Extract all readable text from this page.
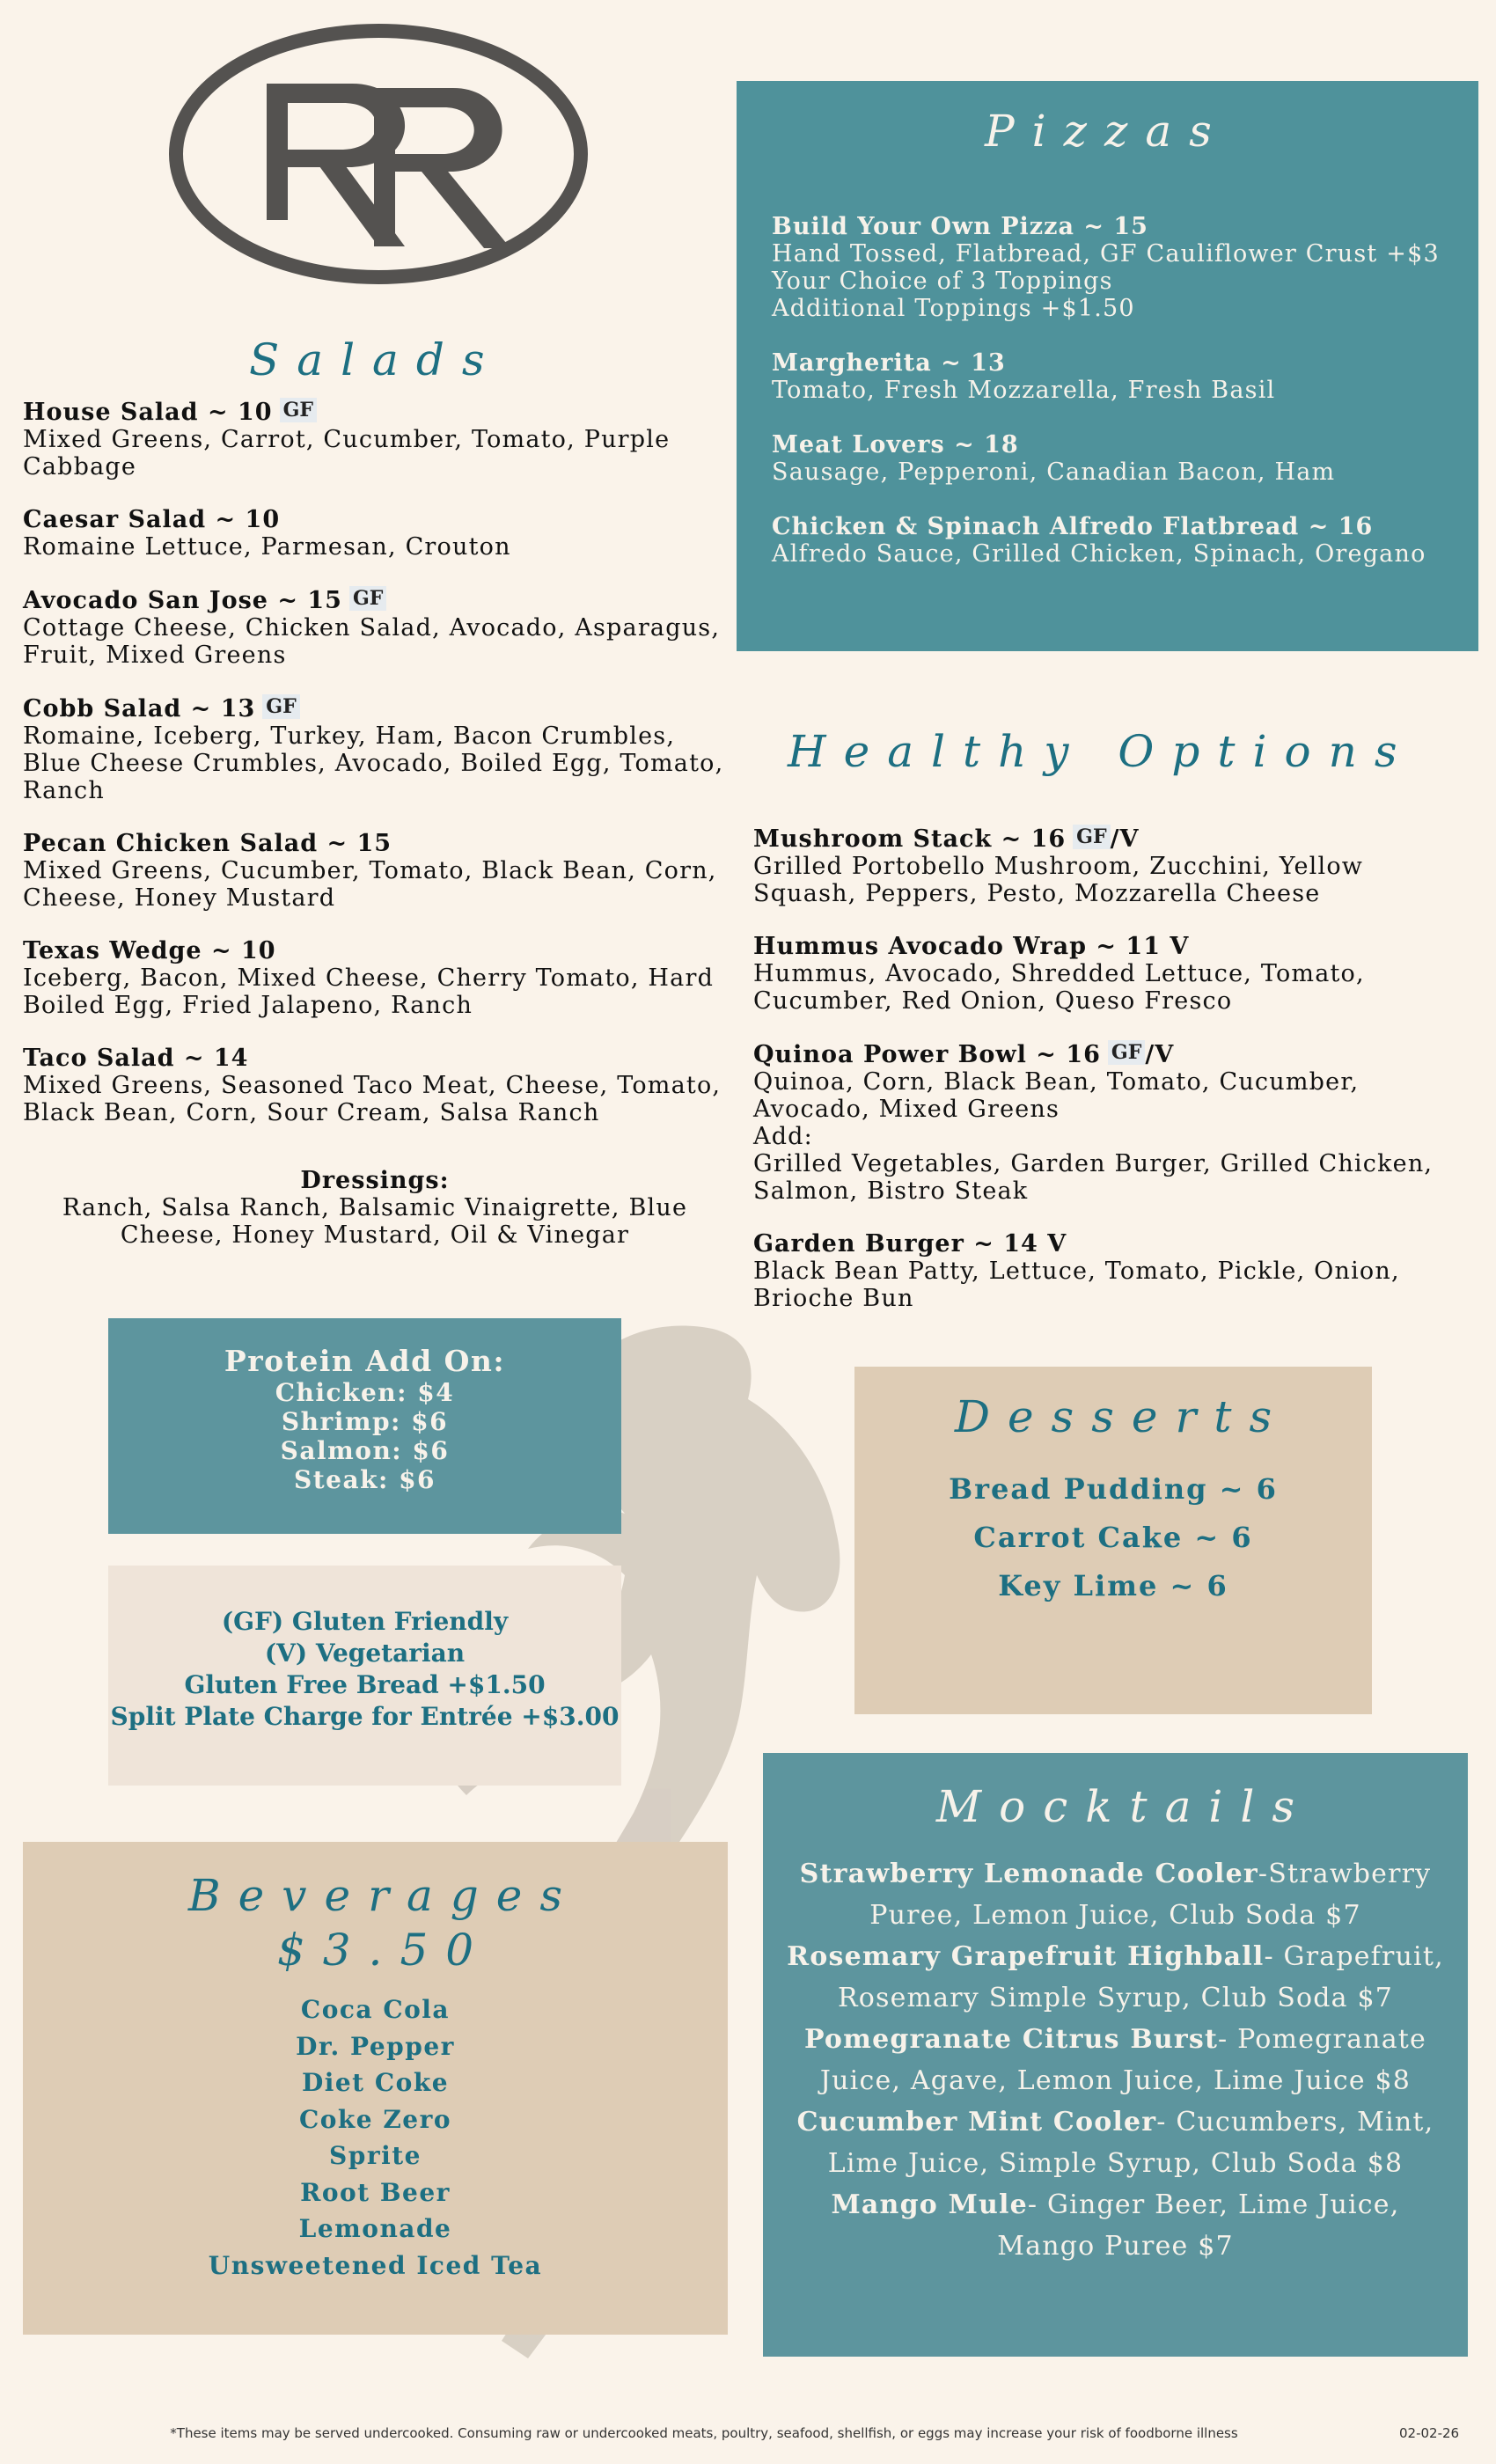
Salads
House Salad ~ 10 GF
Mixed Greens, Carrot, Cucumber, Tomato, Purple
Cabbage
Caesar Salad ~ 10
Romaine Lettuce, Parmesan, Crouton
Avocado San Jose ~ 15 GF
Cottage Cheese, Chicken Salad, Avocado, Asparagus,
Fruit, Mixed Greens
Cobb Salad ~ 13 GF
Romaine, Iceberg, Turkey, Ham, Bacon Crumbles,
Blue Cheese Crumbles, Avocado, Boiled Egg, Tomato,
Ranch
Pecan Chicken Salad ~ 15
Mixed Greens, Cucumber, Tomato, Black Bean, Corn,
Cheese, Honey Mustard
Texas Wedge ~ 10
Iceberg, Bacon, Mixed Cheese, Cherry Tomato, Hard
Boiled Egg, Fried Jalapeno, Ranch
Taco Salad ~ 14
Mixed Greens, Seasoned Taco Meat, Cheese, Tomato,
Black Bean, Corn, Sour Cream, Salsa Ranch
Dressings:
Ranch, Salsa Ranch, Balsamic Vinaigrette, Blue
Cheese, Honey Mustard, Oil & Vinegar
Pizzas
Build Your Own Pizza ~ 15
Hand Tossed, Flatbread, GF Cauliflower Crust +$3
Your Choice of 3 Toppings
Additional Toppings +$1.50
Margherita ~ 13
Tomato, Fresh Mozzarella, Fresh Basil
Meat Lovers ~ 18
Sausage, Pepperoni, Canadian Bacon, Ham
Chicken & Spinach Alfredo Flatbread ~ 16
Alfredo Sauce, Grilled Chicken, Spinach, Oregano
Healthy Options
Mushroom Stack ~ 16 GF /V
Grilled Portobello Mushroom, Zucchini, Yellow
Squash, Peppers, Pesto, Mozzarella Cheese
Hummus Avocado Wrap ~ 11 V
Hummus, Avocado, Shredded Lettuce, Tomato,
Cucumber, Red Onion, Queso Fresco
Quinoa Power Bowl ~ 16 GF /V
Quinoa, Corn, Black Bean, Tomato, Cucumber,
Avocado, Mixed Greens
Add:
Grilled Vegetables, Garden Burger, Grilled Chicken,
Salmon, Bistro Steak
Garden Burger ~ 14 V
Black Bean Patty, Lettuce, Tomato, Pickle, Onion,
Brioche Bun
Protein Add On:
Chicken: $4
Shrimp: $6
Salmon: $6
Steak: $6
(GF) Gluten Friendly
(V) Vegetarian
Gluten Free Bread +$1.50
Split Plate Charge for Entrée +$3.00
Desserts
Bread Pudding ~ 6
Carrot Cake ~ 6
Key Lime ~ 6
Beverages
$3.50
Coca Cola
Dr. Pepper
Diet Coke
Coke Zero
Sprite
Root Beer
Lemonade
Unsweetened Iced Tea
Mocktails
Strawberry Lemonade Cooler-Strawberry Puree, Lemon Juice, Club Soda $7
Rosemary Grapefruit Highball- Grapefruit, Rosemary Simple Syrup, Club Soda $7
Pomegranate Citrus Burst- Pomegranate Juice, Agave, Lemon Juice, Lime Juice $8
Cucumber Mint Cooler- Cucumbers, Mint, Lime Juice, Simple Syrup, Club Soda $8
Mango Mule- Ginger Beer, Lime Juice, Mango Puree $7
*These items may be served undercooked. Consuming raw or undercooked meats, poultry, seafood, shellfish, or eggs may increase your risk of foodborne illness	02-02-26
